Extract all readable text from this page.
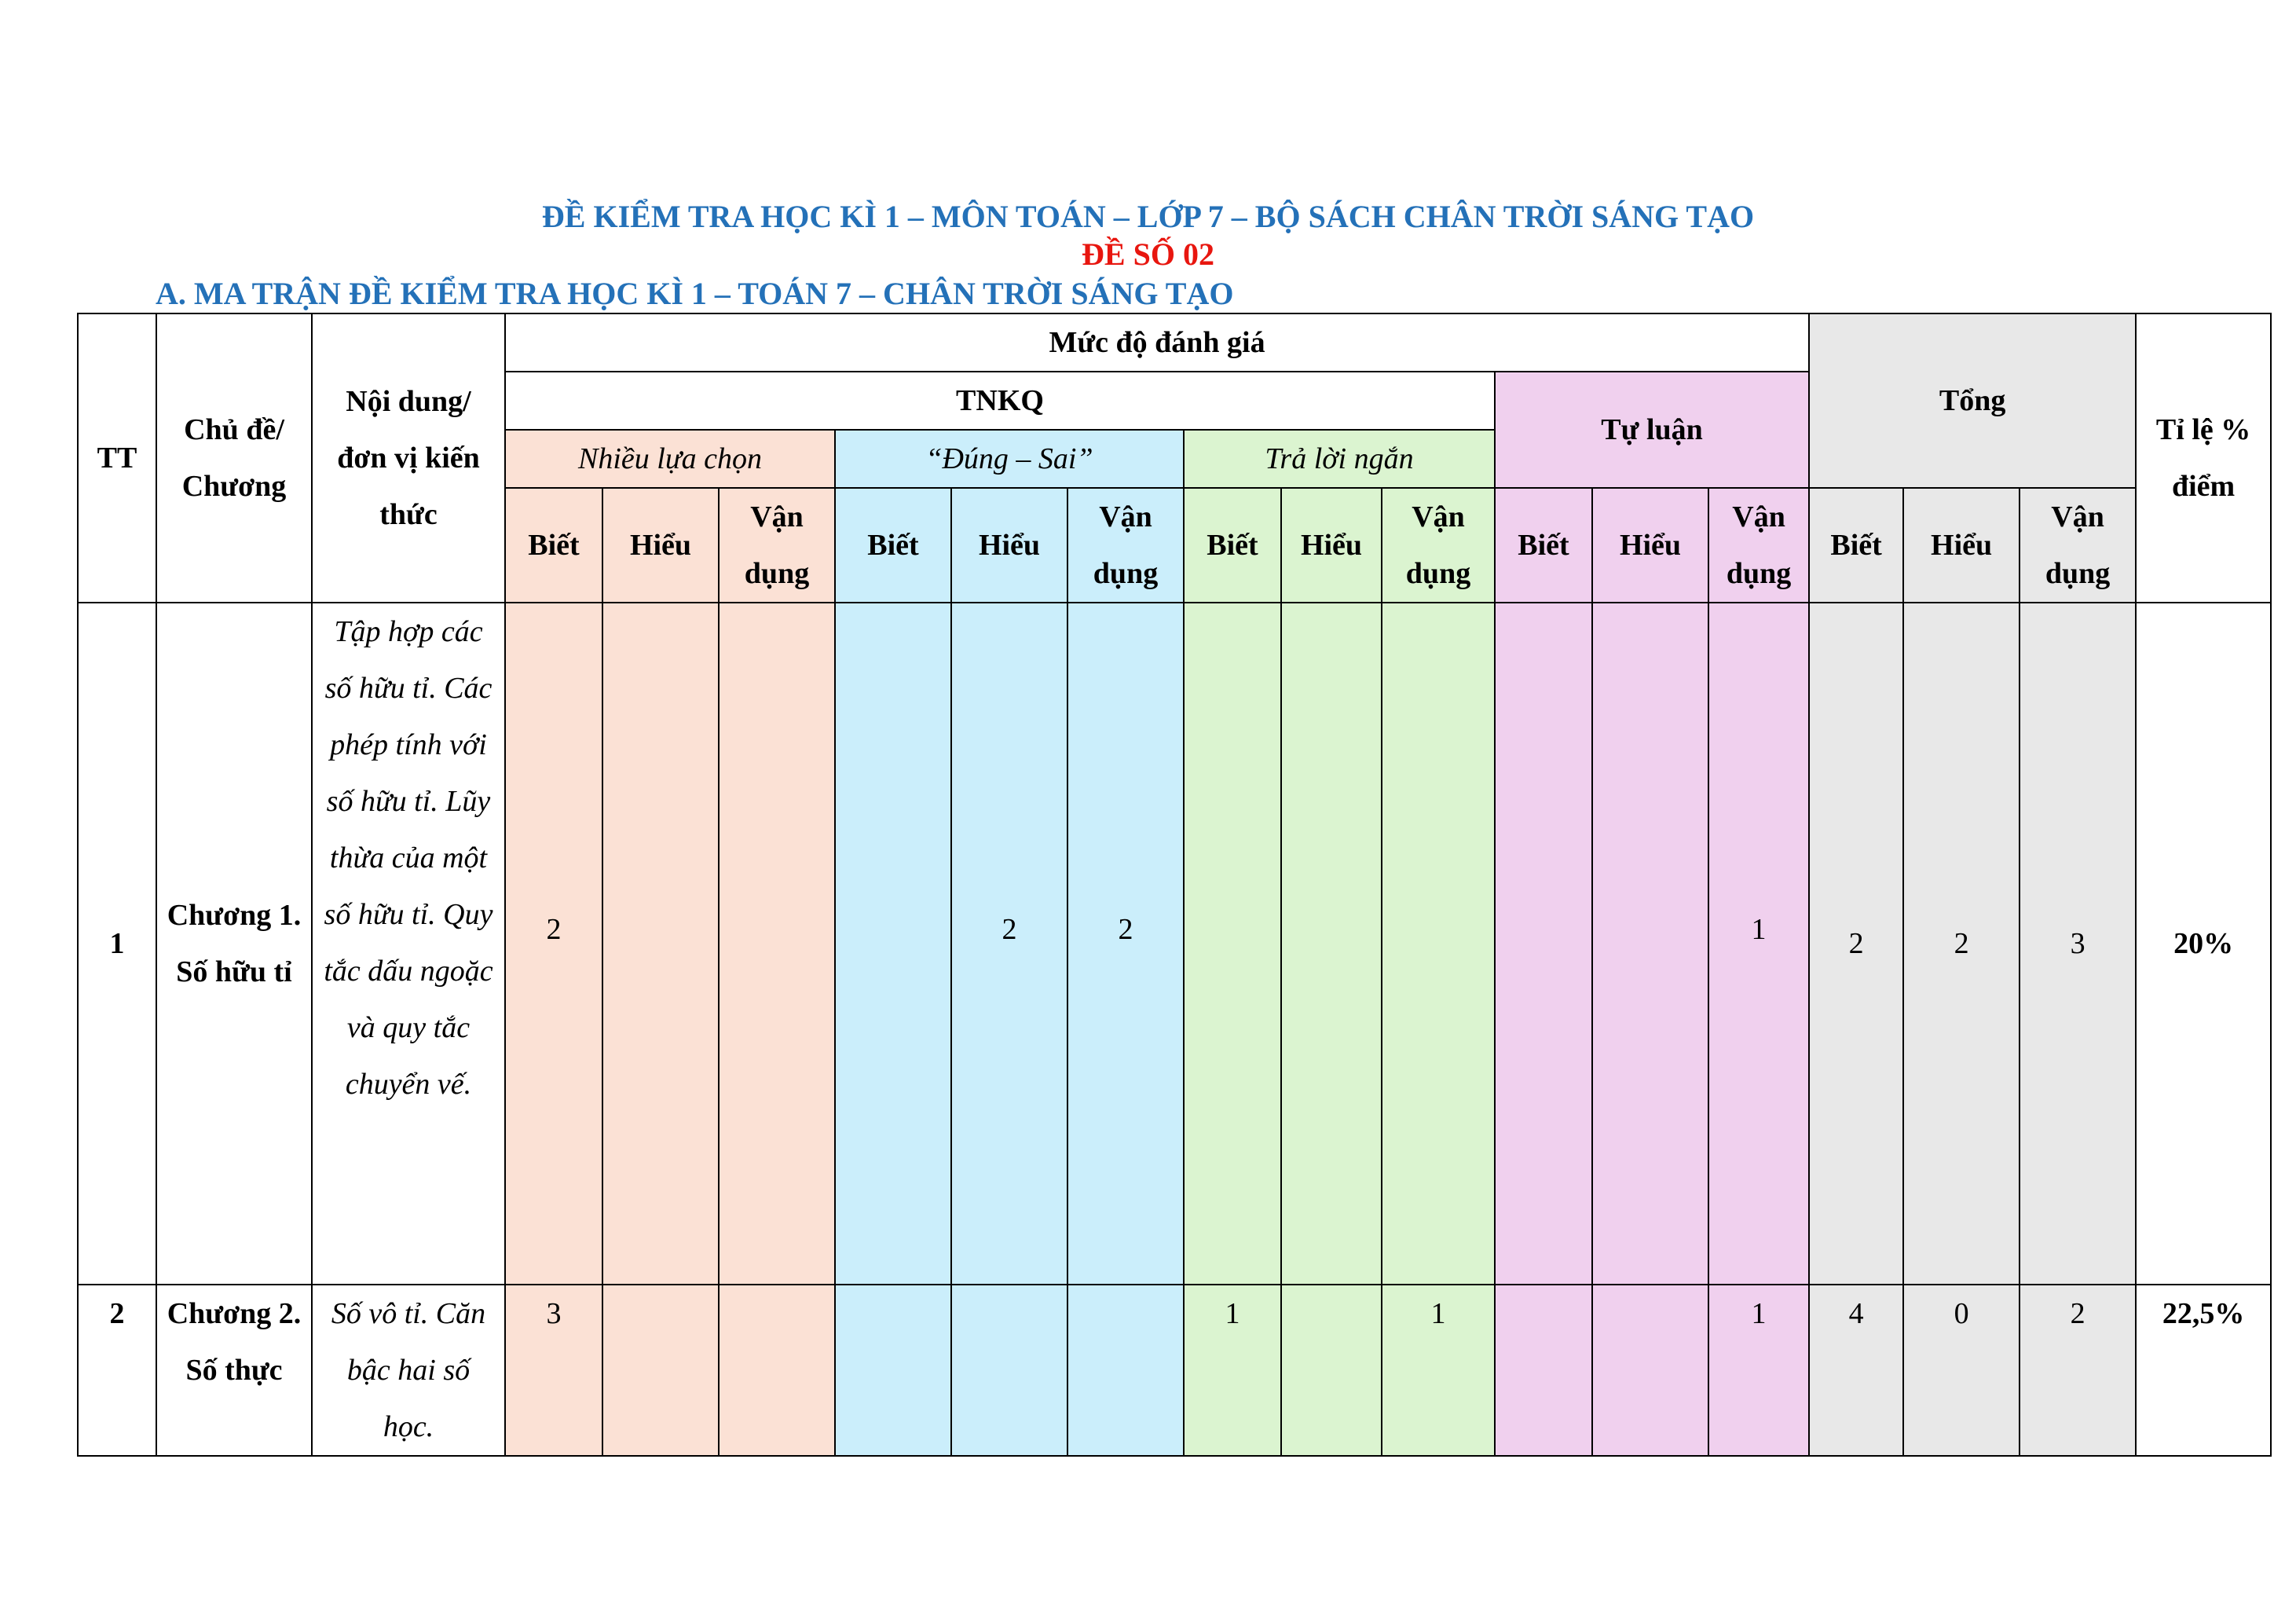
ĐỀ KIỂM TRA HỌC KÌ 1 – MÔN TOÁN – LỚP 7 – BỘ SÁCH CHÂN TRỜI SÁNG TẠO
ĐỀ SỐ 02
A. MA TRẬN ĐỀ KIỂM TRA HỌC KÌ 1 – TOÁN 7 – CHÂN TRỜI SÁNG TẠO
TT	Chủ đề/ Chương	Nội dung/ đơn vị kiến thức	Mức độ đánh giá												Tổng			Tỉ lệ % điểm
			TNKQ									Tự luận						
			Nhiều lựa chọn			“Đúng – Sai”			Trả lời ngắn									
			Biết	Hiểu	Vận dụng	Biết	Hiểu	Vận dụng	Biết	Hiểu	Vận dụng	Biết	Hiểu	Vận dụng	Biết	Hiểu	Vận dụng	
1	Chương 1. Số hữu tỉ	Tập hợp các số hữu tỉ. Các phép tính với số hữu tỉ. Lũy thừa của một số hữu tỉ. Quy tắc dấu ngoặc và quy tắc chuyển vế.	2				2	2						1	2	2	3	20%
2	Chương 2. Số thực	Số vô tỉ. Căn bậc hai số học.	3						1		1			1	4	0	2	22,5%
